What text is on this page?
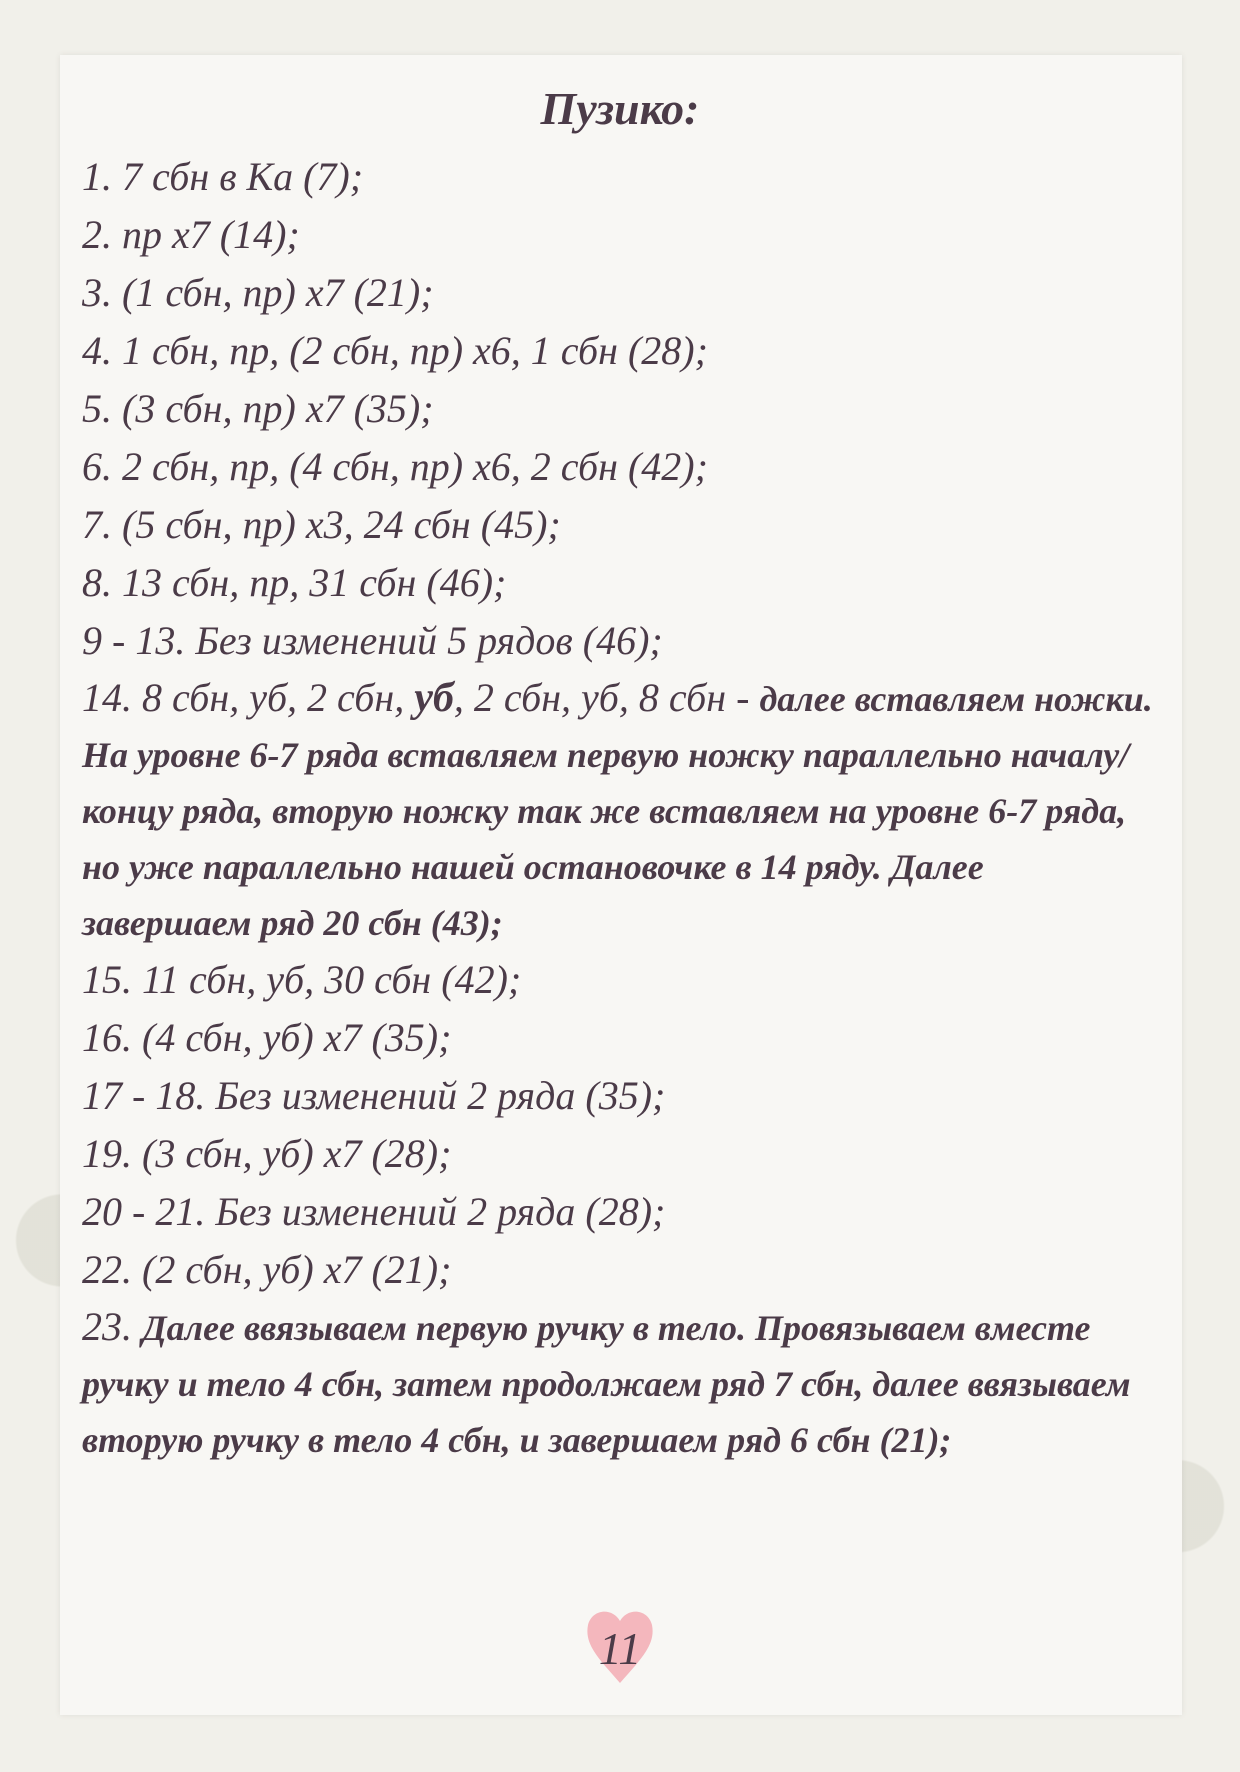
Пузико:
1. 7 сбн в Ка (7);
2. пр х7 (14);
3. (1 сбн, пр) х7 (21);
4. 1 сбн, пр, (2 сбн, пр) х6, 1 сбн (28);
5. (3 сбн, пр) х7 (35);
6. 2 сбн, пр, (4 сбн, пр) х6, 2 сбн (42);
7. (5 сбн, пр) х3, 24 сбн (45);
8. 13 сбн, пр, 31 сбн (46);
9 - 13. Без изменений 5 рядов (46);
14. 8 сбн, уб, 2 сбн, уб, 2 сбн, уб, 8 сбн - далее вставляем ножки. На уровне 6-7 ряда вставляем первую ножку параллельно началу/концу ряда, вторую ножку так же вставляем на уровне 6-7 ряда, но уже параллельно нашей остановочке в 14 ряду. Далее завершаем ряд 20 сбн (43);
15. 11 сбн, уб, 30 сбн (42);
16. (4 сбн, уб) х7 (35);
17 - 18. Без изменений 2 ряда (35);
19. (3 сбн, уб) х7 (28);
20 - 21. Без изменений 2 ряда (28);
22. (2 сбн, уб) х7 (21);
23. Далее ввязываем первую ручку в тело. Провязываем вместе ручку и тело 4 сбн, затем продолжаем ряд 7 сбн, далее ввязываем вторую ручку в тело 4 сбн, и завершаем ряд 6 сбн (21);
11
